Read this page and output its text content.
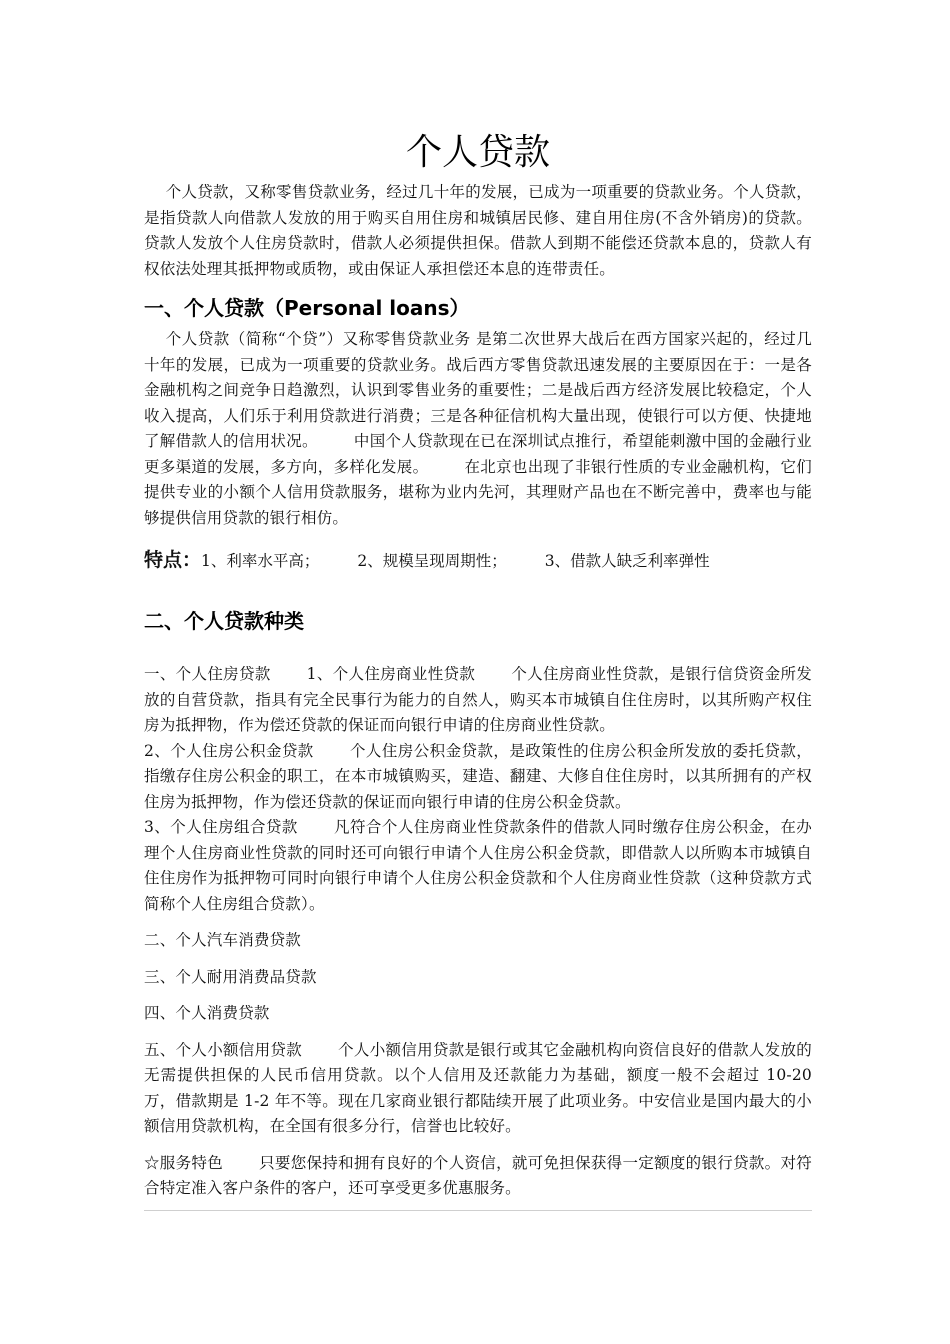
个人贷款

个人贷款，又称零售贷款业务，经过几十年的发展，已成为一项重要的贷款业务。个人贷款，是指贷款人向借款人发放的用于购买自用住房和城镇居民修、建自用住房(不含外销房)的贷款。贷款人发放个人住房贷款时，借款人必须提供担保。借款人到期不能偿还贷款本息的，贷款人有权依法处理其抵押物或质物，或由保证人承担偿还本息的连带责任。

一、个人贷款（Personal loans）

个人贷款（简称“个贷”）又称零售贷款业务 是第二次世界大战后在西方国家兴起的，经过几十年的发展，已成为一项重要的贷款业务。战后西方零售贷款迅速发展的主要原因在于：一是各金融机构之间竞争日趋激烈，认识到零售业务的重要性；二是战后西方经济发展比较稳定，个人收入提高，人们乐于利用贷款进行消费；三是各种征信机构大量出现，使银行可以方便、快捷地了解借款人的信用状况。 中国个人贷款现在已在深圳试点推行，希望能刺激中国的金融行业更多渠道的发展，多方向，多样化发展。 在北京也出现了非银行性质的专业金融机构，它们提供专业的小额个人信用贷款服务，堪称为业内先河，其理财产品也在不断完善中，费率也与能够提供信用贷款的银行相仿。

特点：1、利率水平高； 2、规模呈现周期性； 3、借款人缺乏利率弹性
二、个人贷款种类

一、个人住房贷款 1、个人住房商业性贷款 个人住房商业性贷款，是银行信贷资金所发放的自营贷款，指具有完全民事行为能力的自然人，购买本市城镇自住住房时，以其所购产权住房为抵押物，作为偿还贷款的保证而向银行申请的住房商业性贷款。
2、个人住房公积金贷款 个人住房公积金贷款，是政策性的住房公积金所发放的委托贷款，指缴存住房公积金的职工，在本市城镇购买，建造、翻建、大修自住住房时，以其所拥有的产权住房为抵押物，作为偿还贷款的保证而向银行申请的住房公积金贷款。
3、个人住房组合贷款 凡符合个人住房商业性贷款条件的借款人同时缴存住房公积金，在办理个人住房商业性贷款的同时还可向银行申请个人住房公积金贷款，即借款人以所购本市城镇自住住房作为抵押物可同时向银行申请个人住房公积金贷款和个人住房商业性贷款（这种贷款方式简称个人住房组合贷款）。

二、个人汽车消费贷款

三、个人耐用消费品贷款

四、个人消费贷款

五、个人小额信用贷款 个人小额信用贷款是银行或其它金融机构向资信良好的借款人发放的无需提供担保的人民币信用贷款。以个人信用及还款能力为基础，额度一般不会超过 10-20 万，借款期是 1-2 年不等。现在几家商业银行都陆续开展了此项业务。中安信业是国内最大的小额信用贷款机构，在全国有很多分行，信誉也比较好。

☆服务特色 只要您保持和拥有良好的个人资信，就可免担保获得一定额度的银行贷款。对符合特定准入客户条件的客户，还可享受更多优惠服务。
